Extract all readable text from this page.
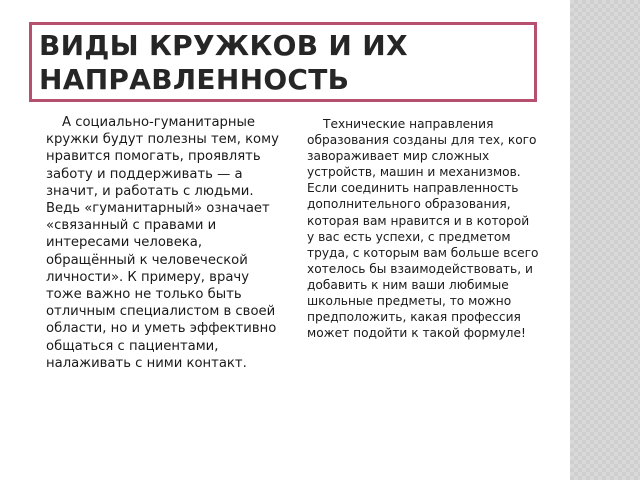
ВИДЫ КРУЖКОВ И ИХ НАПРАВЛЕННОСТЬ

А социально-гуманитарные кружки будут полезны тем, кому нравится помогать, проявлять заботу и поддерживать — а значит, и работать с людьми. Ведь «гуманитарный» означает «связанный с правами и интересами человека, обращённый к человеческой личности». К примеру, врачу тоже важно не только быть отличным специалистом в своей области, но и уметь эффективно общаться с пациентами, налаживать с ними контакт.

Технические направления образования созданы для тех, кого завораживает мир сложных устройств, машин и механизмов. Если соединить направленность дополнительного образования, которая вам нравится и в которой у вас есть успехи, с предметом труда, с которым вам больше всего хотелось бы взаимодействовать, и добавить к ним ваши любимые школьные предметы, то можно предположить, какая профессия может подойти к такой формуле!
